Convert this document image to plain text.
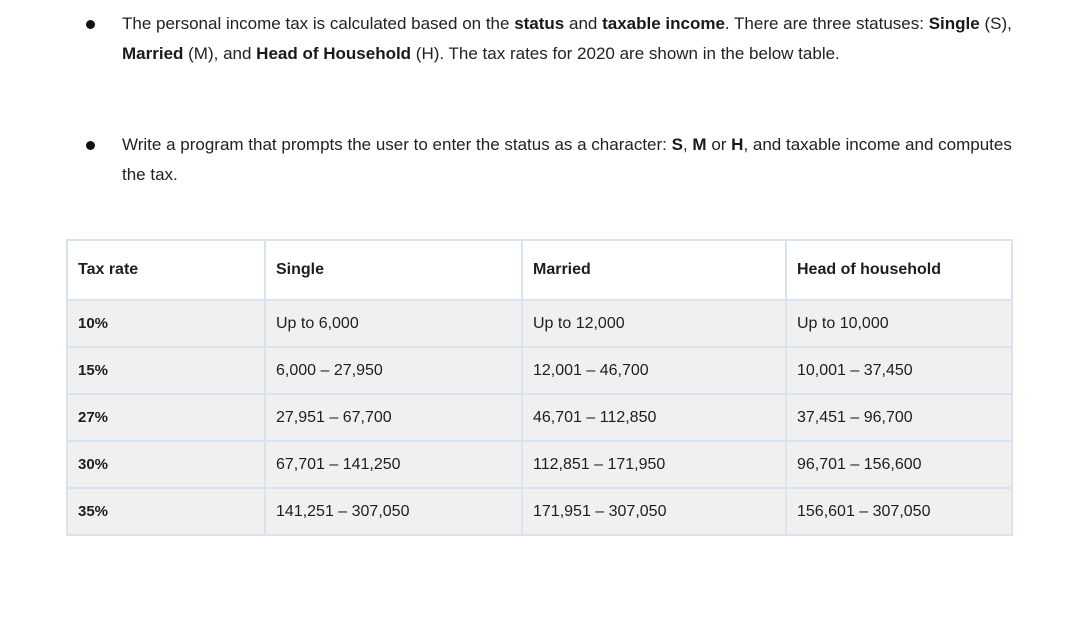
The personal income tax is calculated based on the status and taxable income. There are three statuses: Single (S), Married (M), and Head of Household (H). The tax rates for 2020 are shown in the below table.
Write a program that prompts the user to enter the status as a character: S, M or H, and taxable income and computes the tax.
Tax rate	Single	Married	Head of household
10%	Up to 6,000	Up to 12,000	Up to 10,000
15%	6,000 – 27,950	12,001 – 46,700	10,001 – 37,450
27%	27,951 – 67,700	46,701 – 112,850	37,451 – 96,700
30%	67,701 – 141,250	112,851 – 171,950	96,701 – 156,600
35%	141,251 – 307,050	171,951 – 307,050	156,601 – 307,050
